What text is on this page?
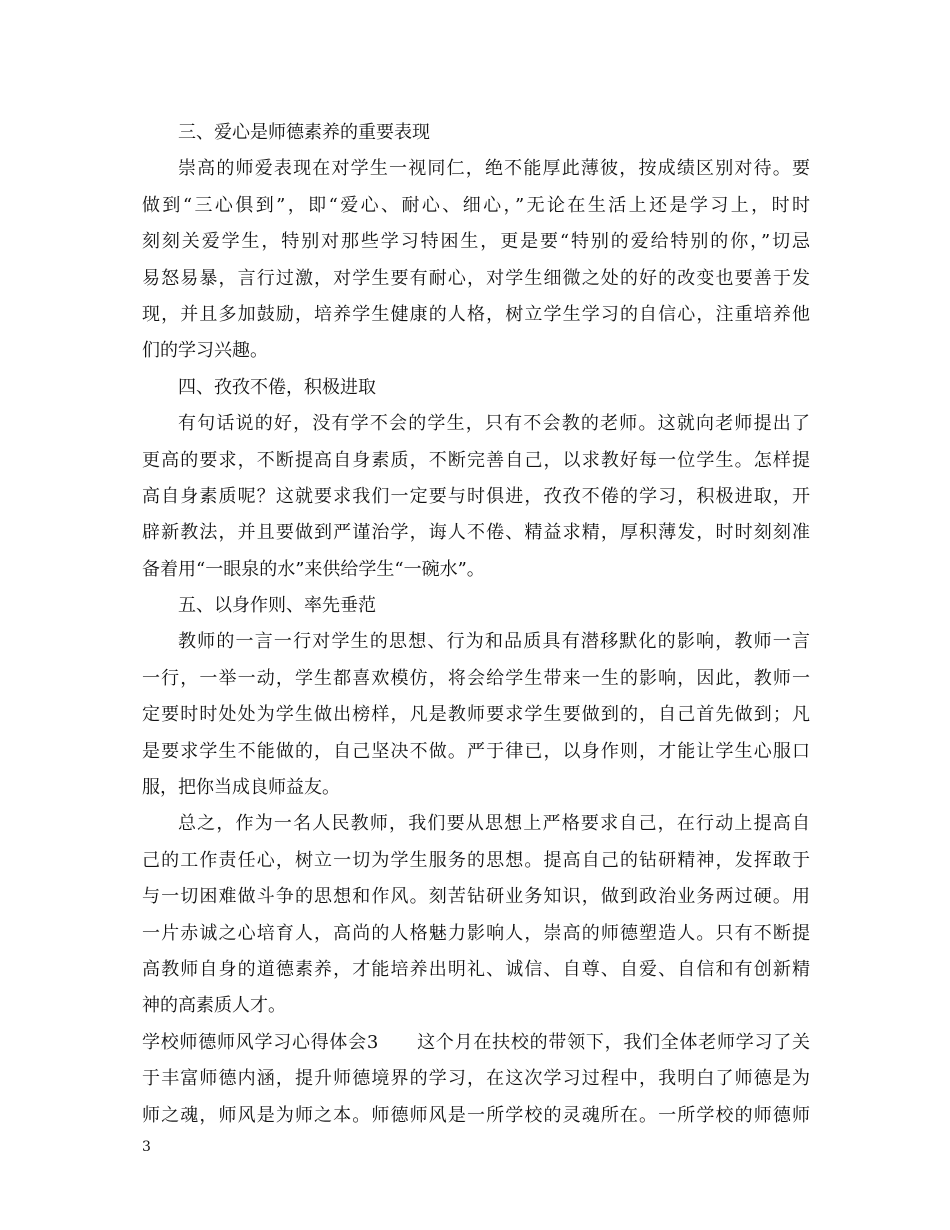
三、爱心是师德素养的重要表现
崇高的师爱表现在对学生一视同仁，绝不能厚此薄彼，按成绩区别对待。要
做到“三心俱到”，即“爱心、耐心、细心，”无论在生活上还是学习上，时时
刻刻关爱学生，特别对那些学习特困生，更是要“特别的爱给特别的你，”切忌
易怒易暴，言行过激，对学生要有耐心，对学生细微之处的好的改变也要善于发
现，并且多加鼓励，培养学生健康的人格，树立学生学习的自信心，注重培养他
们的学习兴趣。
四、孜孜不倦，积极进取
有句话说的好，没有学不会的学生，只有不会教的老师。这就向老师提出了
更高的要求，不断提高自身素质，不断完善自己，以求教好每一位学生。怎样提
高自身素质呢？这就要求我们一定要与时俱进，孜孜不倦的学习，积极进取，开
辟新教法，并且要做到严谨治学，诲人不倦、精益求精，厚积薄发，时时刻刻准
备着用“一眼泉的水”来供给学生“一碗水”。
五、以身作则、率先垂范
教师的一言一行对学生的思想、行为和品质具有潜移默化的影响，教师一言
一行，一举一动，学生都喜欢模仿，将会给学生带来一生的影响，因此，教师一
定要时时处处为学生做出榜样，凡是教师要求学生要做到的，自己首先做到；凡
是要求学生不能做的，自己坚决不做。严于律已，以身作则，才能让学生心服口
服，把你当成良师益友。
总之，作为一名人民教师，我们要从思想上严格要求自己，在行动上提高自
己的工作责任心，树立一切为学生服务的思想。提高自己的钻研精神，发挥敢于
与一切困难做斗争的思想和作风。刻苦钻研业务知识，做到政治业务两过硬。用
一片赤诚之心培育人，高尚的人格魅力影响人，崇高的师德塑造人。只有不断提
高教师自身的道德素养，才能培养出明礼、诚信、自尊、自爱、自信和有创新精
神的高素质人才。
学校师德师风学习心得体会3 这个月在扶校的带领下，我们全体老师学习了关
于丰富师德内涵，提升师德境界的学习，在这次学习过程中，我明白了师德是为
师之魂，师风是为师之本。师德师风是一所学校的灵魂所在。一所学校的师德师
3
